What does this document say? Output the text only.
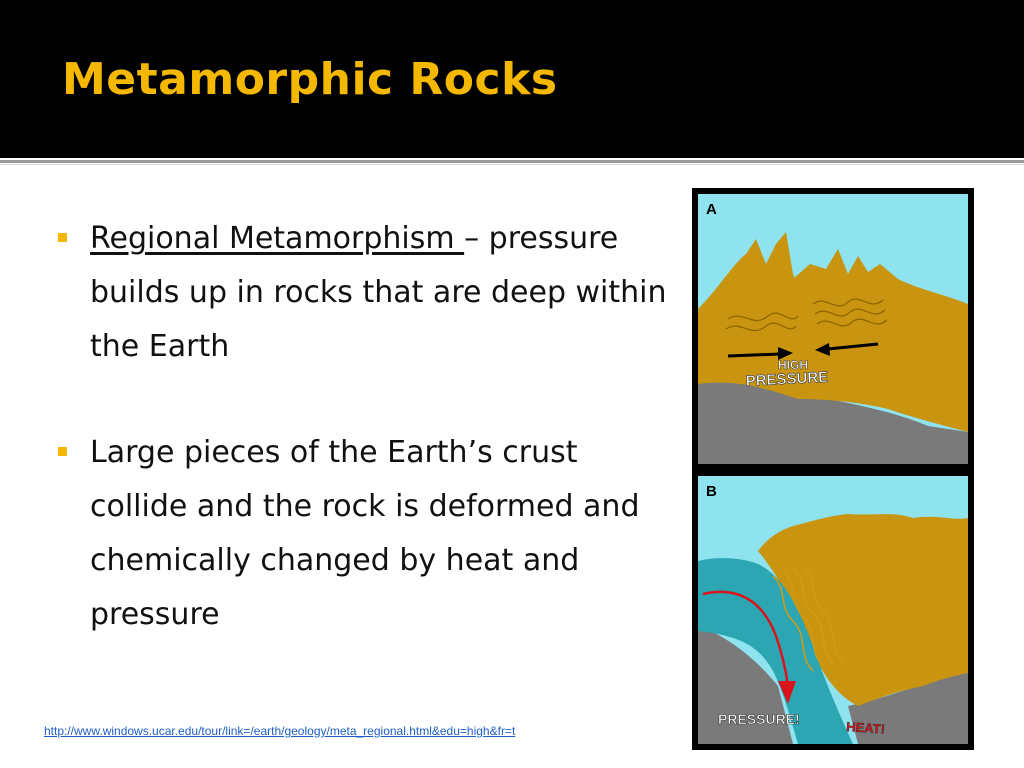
Metamorphic Rocks
Regional Metamorphism – pressure builds up in rocks that are deep within the Earth
Large pieces of the Earth’s crust collide and the rock is deformed and chemically changed by heat and pressure
http://www.windows.ucar.edu/tour/link=/earth/geology/meta_regional.html&edu=high&fr=t
HIGH
PRESSURE
A
PRESSURE!
HEAT!
B
